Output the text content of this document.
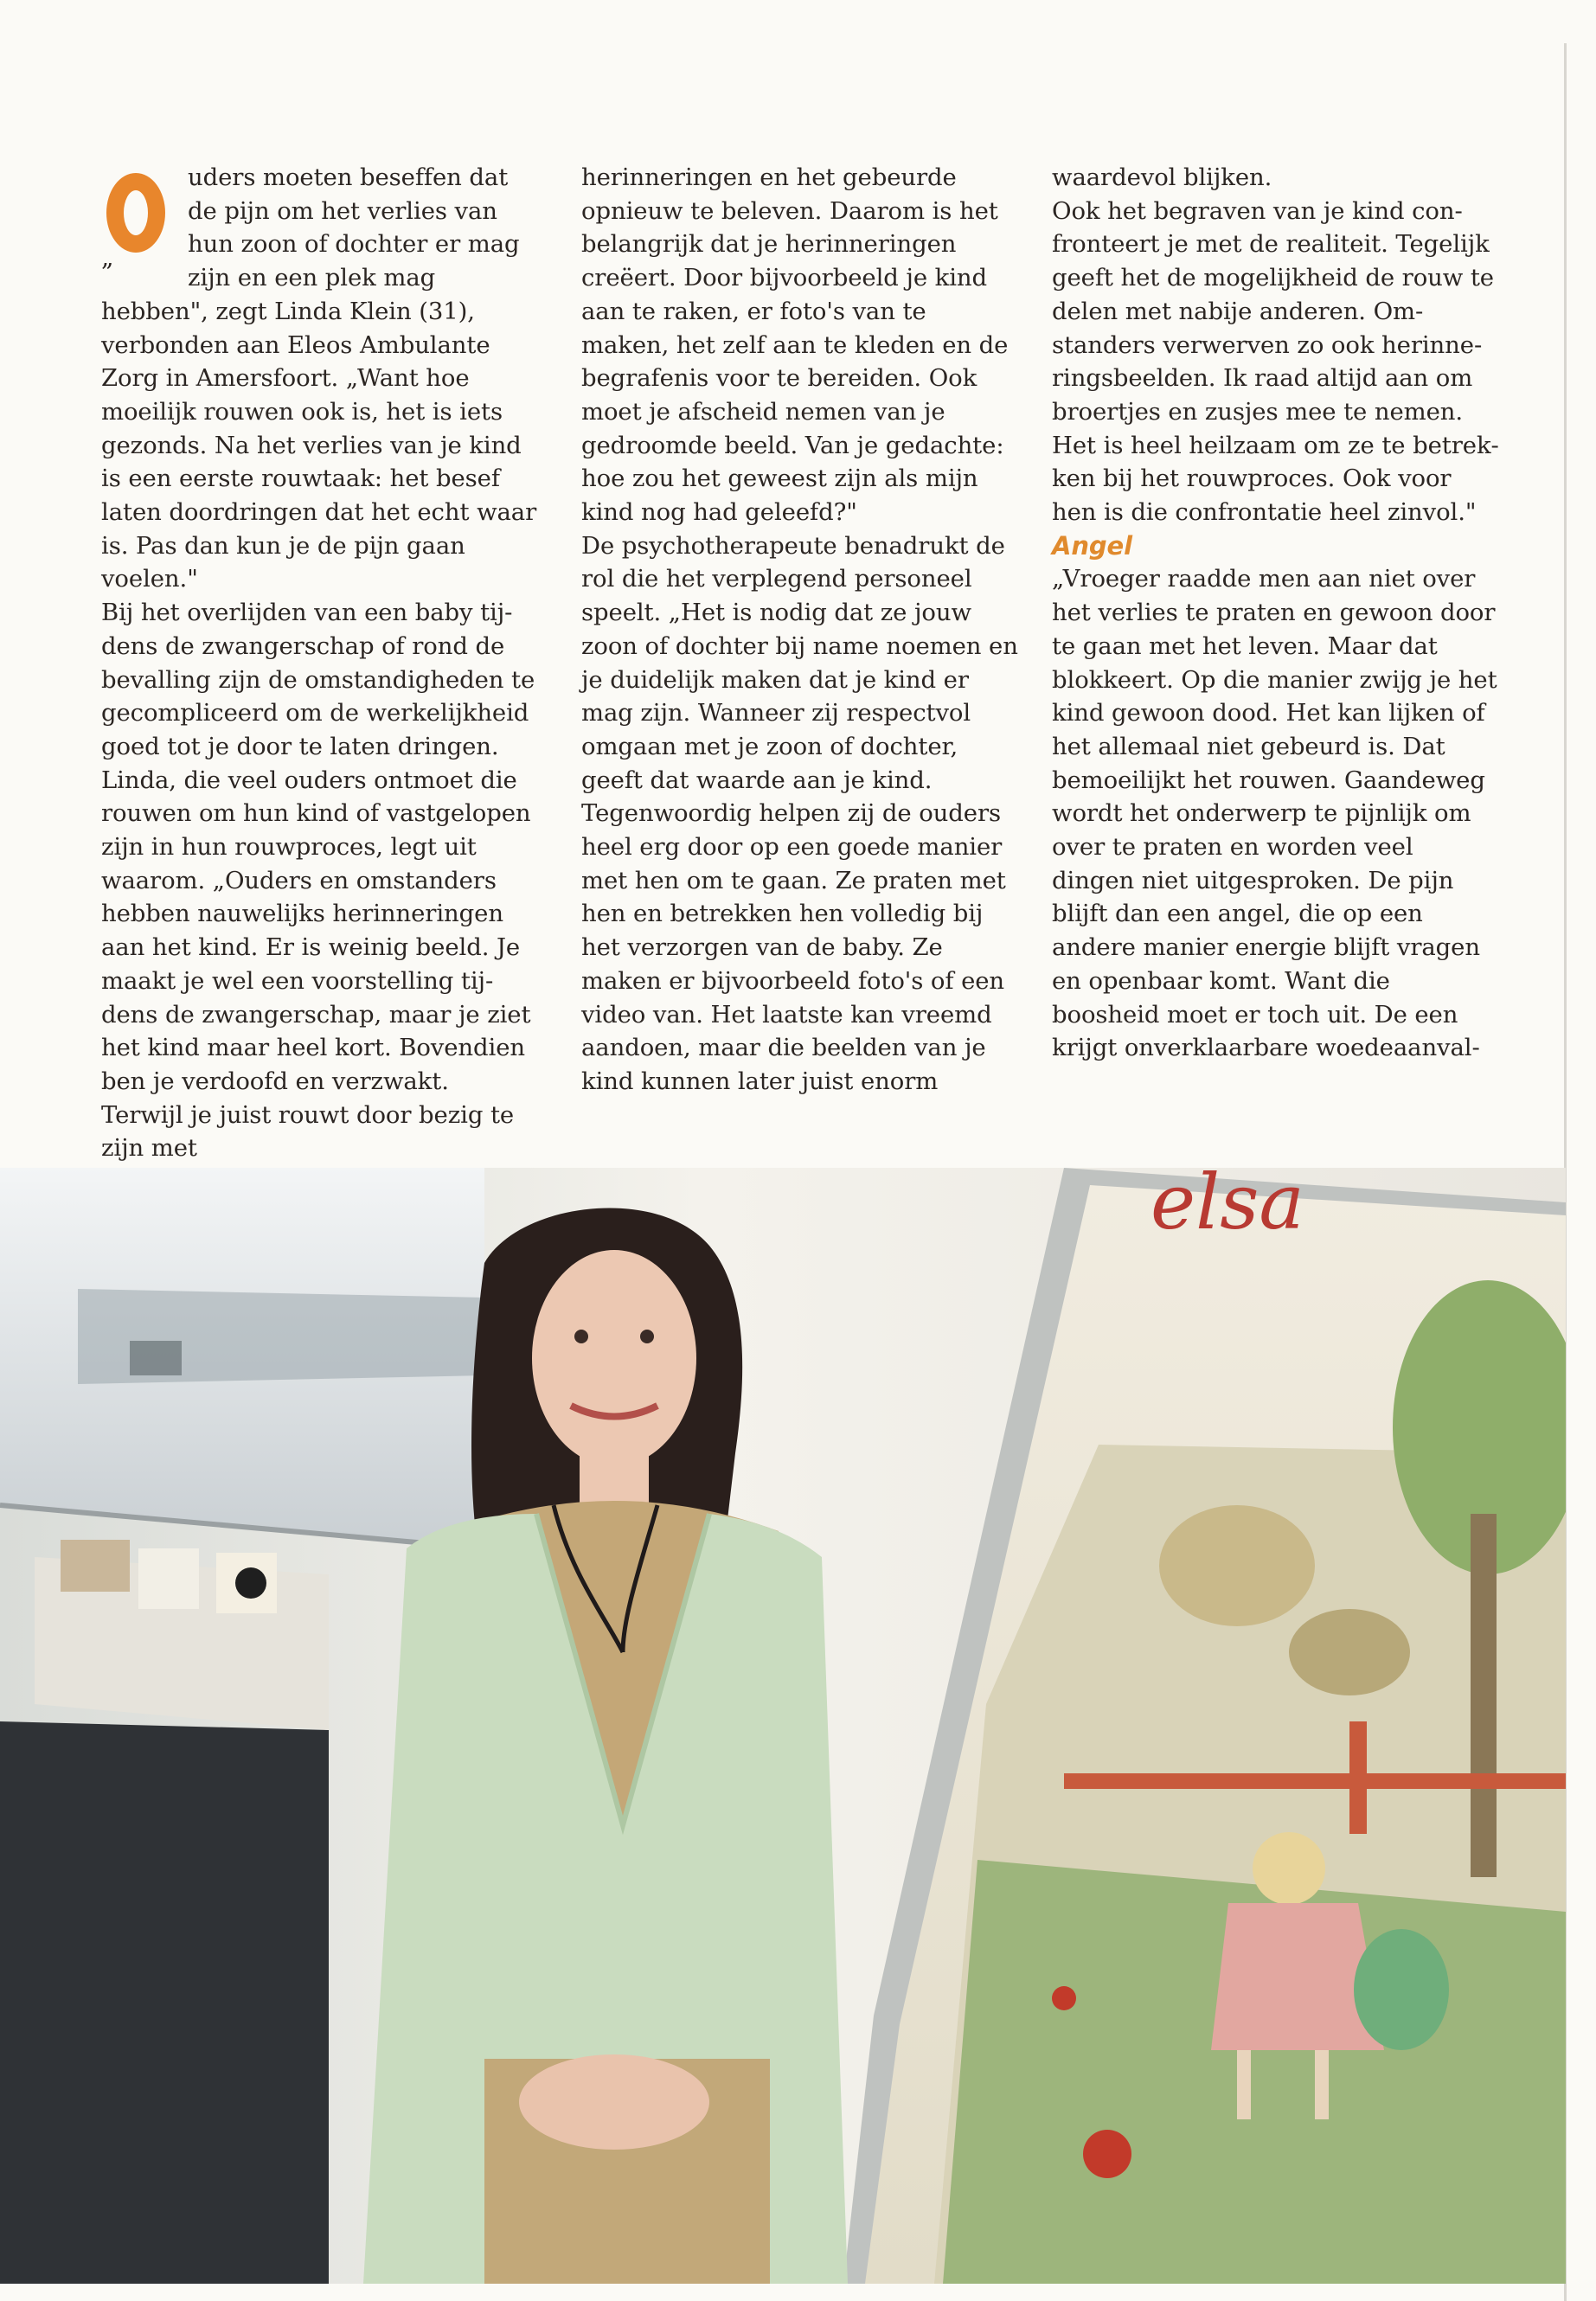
„

uders moeten beseffen dat

de pijn om het verlies van

hun zoon of dochter er mag

zijn en een plek mag hebben", zegt Linda Klein (31), verbonden aan Eleos Ambulante Zorg in Amersfoort. „Want hoe moeilijk rouwen ook is, het is iets gezonds. Na het verlies van je kind is een eerste rouwtaak: het besef laten doordringen dat het echt waar is. Pas dan kun je de pijn gaan voelen."

Bij het overlijden van een baby tijdens de zwangerschap of rond de bevalling zijn de omstandigheden te gecompliceerd om de werkelijkheid goed tot je door te laten dringen. Linda, die veel ouders ontmoet die rouwen om hun kind of vastgelopen zijn in hun rouwproces, legt uit waarom. „Ouders en omstanders hebben nauwelijks herinneringen aan het kind. Er is weinig beeld. Je maakt je wel een voorstelling tijdens de zwangerschap, maar je ziet het kind maar heel kort. Bovendien ben je verdoofd en verzwakt. Terwijl je juist rouwt door bezig te zijn met

herinneringen en het gebeurde opnieuw te beleven. Daarom is het belangrijk dat je herinneringen creëert. Door bijvoorbeeld je kind aan te raken, er foto's van te maken, het zelf aan te kleden en de begrafenis voor te bereiden. Ook moet je afscheid nemen van je gedroomde beeld. Van je gedachte: hoe zou het geweest zijn als mijn kind nog had geleefd?"

De psychotherapeute benadrukt de rol die het verplegend personeel speelt. „Het is nodig dat ze jouw zoon of dochter bij name noemen en je duidelijk maken dat je kind er mag zijn. Wanneer zij respectvol omgaan met je zoon of dochter, geeft dat waarde aan je kind. Tegenwoordig helpen zij de ouders heel erg door op een goede manier met hen om te gaan. Ze praten met hen en betrekken hen volledig bij het verzorgen van de baby. Ze maken er bijvoorbeeld foto's of een video van. Het laatste kan vreemd aandoen, maar die beelden van je kind kunnen later juist enorm

waardevol blijken.

Ook het begraven van je kind confronteert je met de realiteit. Tegelijk geeft het de mogelijkheid de rouw te delen met nabije anderen. Omstanders verwerven zo ook herinneringsbeelden. Ik raad altijd aan om broertjes en zusjes mee te nemen. Het is heel heilzaam om ze te betrekken bij het rouwproces. Ook voor hen is die confrontatie heel zinvol."

Angel

„Vroeger raadde men aan niet over het verlies te praten en gewoon door te gaan met het leven. Maar dat blokkeert. Op die manier zwijg je het kind gewoon dood. Het kan lijken of het allemaal niet gebeurd is. Dat bemoeilijkt het rouwen. Gaandeweg wordt het onderwerp te pijnlijk om over te praten en worden veel dingen niet uitgesproken. De pijn blijft dan een angel, die op een andere manier energie blijft vragen en openbaar komt. Want die boosheid moet er toch uit. De een krijgt onverklaarbare woedeaanval-

elsa
